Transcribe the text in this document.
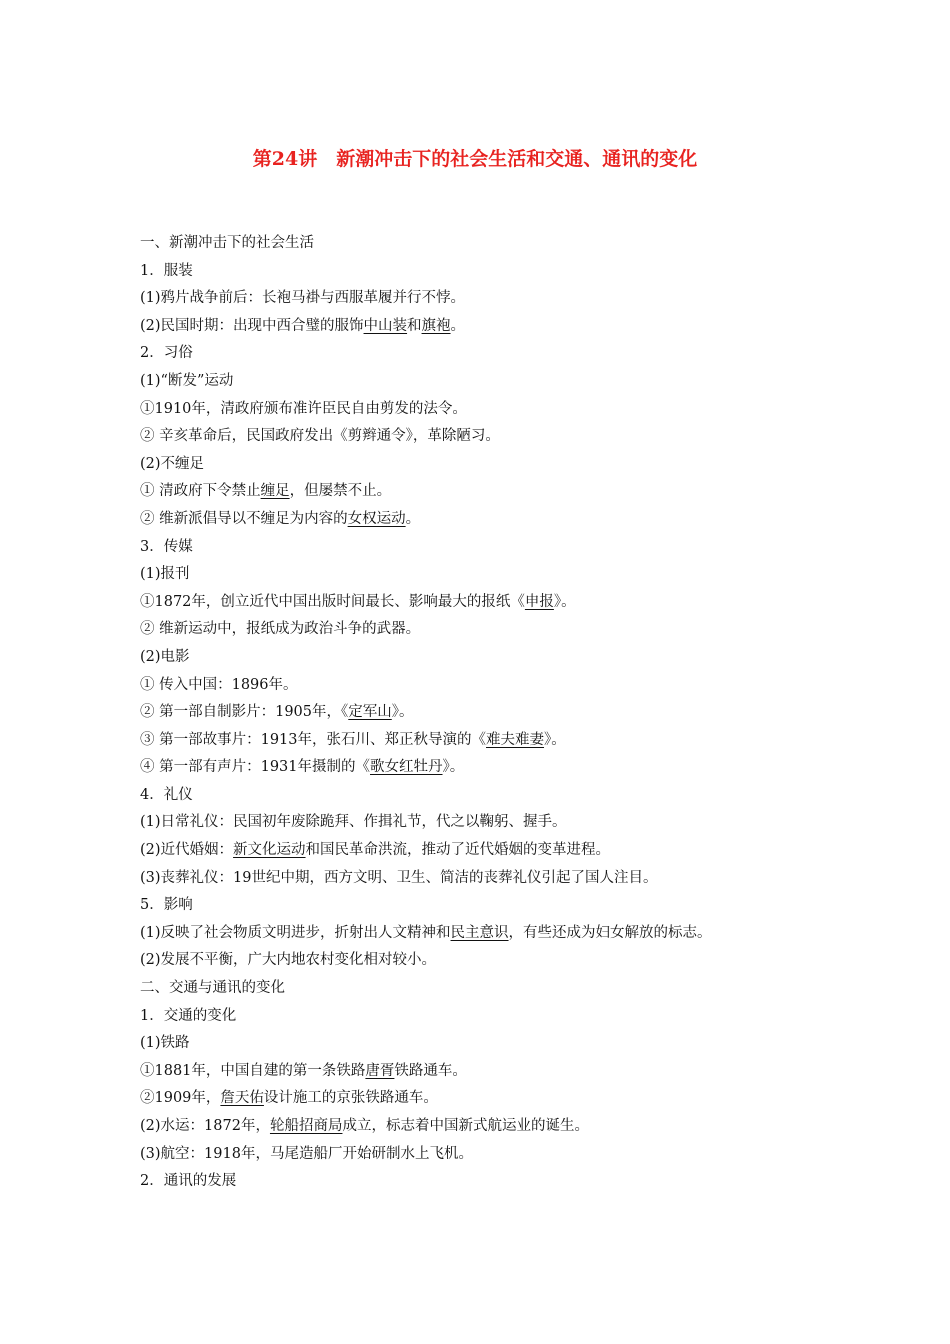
第24讲　新潮冲击下的社会生活和交通、通讯的变化
一、新潮冲击下的社会生活
1．服装
(1)鸦片战争前后：长袍马褂与西服革履并行不悖。
(2)民国时期：出现中西合璧的服饰中山装和旗袍。
2．习俗
(1)“断发”运动
①1910年，清政府颁布准许臣民自由剪发的法令。
② 辛亥革命后，民国政府发出《剪辫通令》，革除陋习。
(2)不缠足
① 清政府下令禁止缠足，但屡禁不止。
② 维新派倡导以不缠足为内容的女权运动。
3．传媒
(1)报刊
①1872年，创立近代中国出版时间最长、影响最大的报纸《申报》。
② 维新运动中，报纸成为政治斗争的武器。
(2)电影
① 传入中国：1896年。
② 第一部自制影片：1905年，《定军山》。
③ 第一部故事片：1913年，张石川、郑正秋导演的《难夫难妻》。
④ 第一部有声片：1931年摄制的《歌女红牡丹》。
4．礼仪
(1)日常礼仪：民国初年废除跪拜、作揖礼节，代之以鞠躬、握手。
(2)近代婚姻：新文化运动和国民革命洪流，推动了近代婚姻的变革进程。
(3)丧葬礼仪：19世纪中期，西方文明、卫生、简洁的丧葬礼仪引起了国人注目。
5．影响
(1)反映了社会物质文明进步，折射出人文精神和民主意识，有些还成为妇女解放的标志。
(2)发展不平衡，广大内地农村变化相对较小。
二、交通与通讯的变化
1．交通的变化
(1)铁路
①1881年，中国自建的第一条铁路唐胥铁路通车。
②1909年，詹天佑设计施工的京张铁路通车。
(2)水运：1872年，轮船招商局成立，标志着中国新式航运业的诞生。
(3)航空：1918年，马尾造船厂开始研制水上飞机。
2．通讯的发展
